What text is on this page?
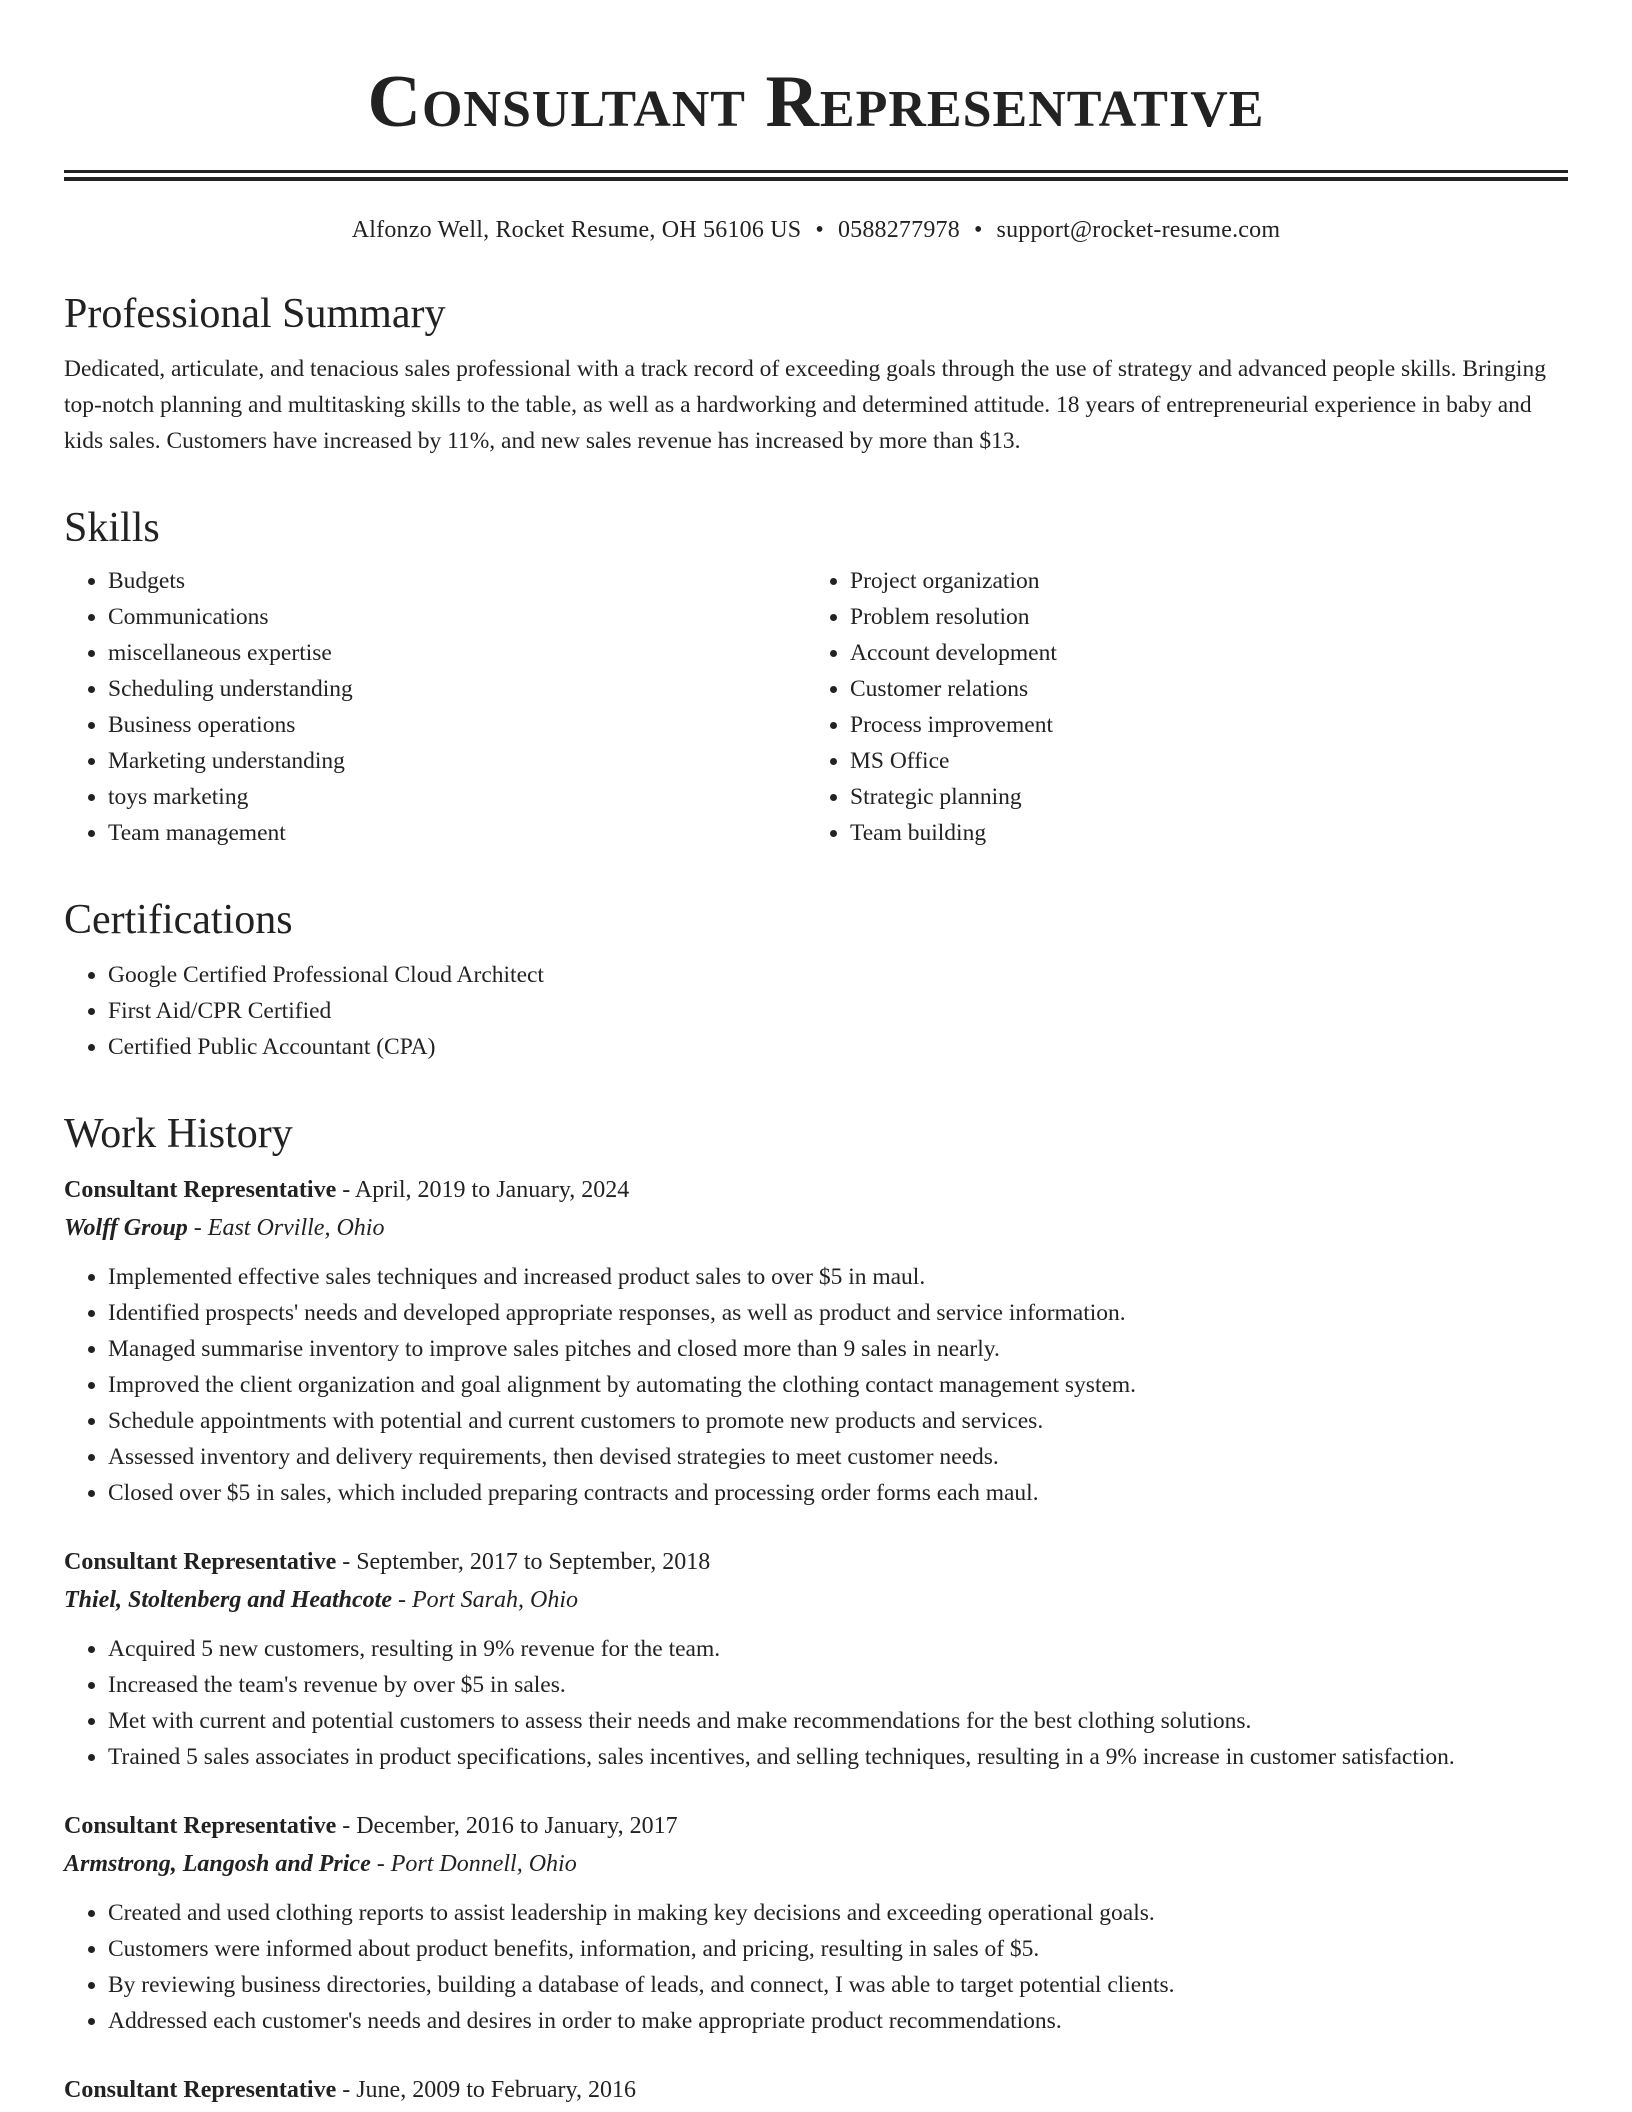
Consultant Representative
Alfonzo Well, Rocket Resume, OH 56106 US • 0588277978 • support@rocket-resume.com
Professional Summary

Dedicated, articulate, and tenacious sales professional with a track record of exceeding goals through the use of strategy and advanced people skills. Bringing top-notch planning and multitasking skills to the table, as well as a hardworking and determined attitude. 18 years of entrepreneurial experience in baby and kids sales. Customers have increased by 11%, and new sales revenue has increased by more than $13.

Skills
• Budgets
• Communications
• miscellaneous expertise
• Scheduling understanding
• Business operations
• Marketing understanding
• toys marketing
• Team management
• Project organization
• Problem resolution
• Account development
• Customer relations
• Process improvement
• MS Office
• Strategic planning
• Team building
Certifications
• Google Certified Professional Cloud Architect
• First Aid/CPR Certified
• Certified Public Accountant (CPA)
Work History
Consultant Representative - April, 2019 to January, 2024
Wolff Group - East Orville, Ohio
• Implemented effective sales techniques and increased product sales to over $5 in maul.
• Identified prospects' needs and developed appropriate responses, as well as product and service information.
• Managed summarise inventory to improve sales pitches and closed more than 9 sales in nearly.
• Improved the client organization and goal alignment by automating the clothing contact management system.
• Schedule appointments with potential and current customers to promote new products and services.
• Assessed inventory and delivery requirements, then devised strategies to meet customer needs.
• Closed over $5 in sales, which included preparing contracts and processing order forms each maul.
Consultant Representative - September, 2017 to September, 2018
Thiel, Stoltenberg and Heathcote - Port Sarah, Ohio
• Acquired 5 new customers, resulting in 9% revenue for the team.
• Increased the team's revenue by over $5 in sales.
• Met with current and potential customers to assess their needs and make recommendations for the best clothing solutions.
• Trained 5 sales associates in product specifications, sales incentives, and selling techniques, resulting in a 9% increase in customer satisfaction.
Consultant Representative - December, 2016 to January, 2017
Armstrong, Langosh and Price - Port Donnell, Ohio
• Created and used clothing reports to assist leadership in making key decisions and exceeding operational goals.
• Customers were informed about product benefits, information, and pricing, resulting in sales of $5.
• By reviewing business directories, building a database of leads, and connect, I was able to target potential clients.
• Addressed each customer's needs and desires in order to make appropriate product recommendations.
Consultant Representative - June, 2009 to February, 2016
